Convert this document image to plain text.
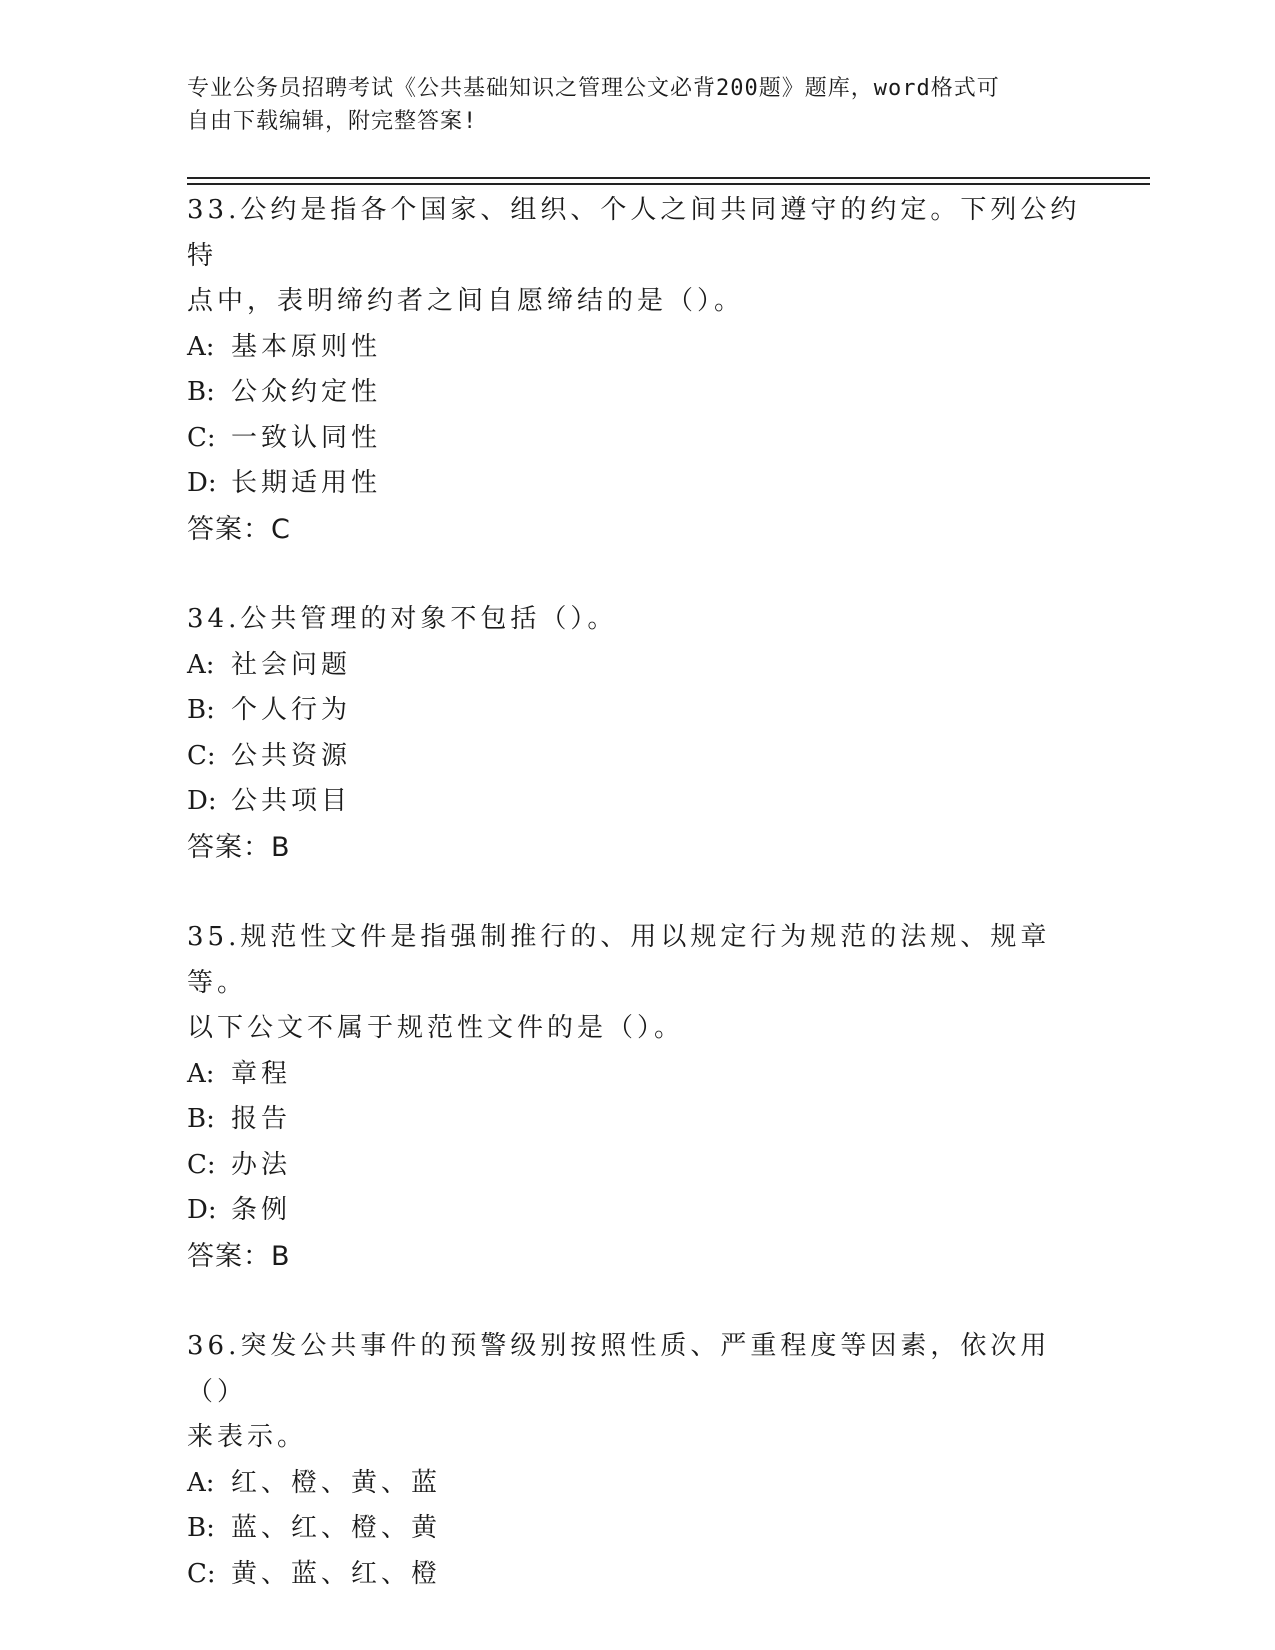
专业公务员招聘考试《公共基础知识之管理公文必背200题》题库，word格式可
自由下载编辑，附完整答案!
33.公约是指各个国家、组织、个人之间共同遵守的约定。下列公约特
点中，表明缔约者之间自愿缔结的是（）。
A: 基本原则性
B: 公众约定性
C: 一致认同性
D: 长期适用性
答案：C
34.公共管理的对象不包括（）。
A: 社会问题
B: 个人行为
C: 公共资源
D: 公共项目
答案：B
35.规范性文件是指强制推行的、用以规定行为规范的法规、规章等。
以下公文不属于规范性文件的是（）。
A: 章程
B: 报告
C: 办法
D: 条例
答案：B
36.突发公共事件的预警级别按照性质、严重程度等因素，依次用（）
来表示。
A: 红、橙、黄、蓝
B: 蓝、红、橙、黄
C: 黄、蓝、红、橙
